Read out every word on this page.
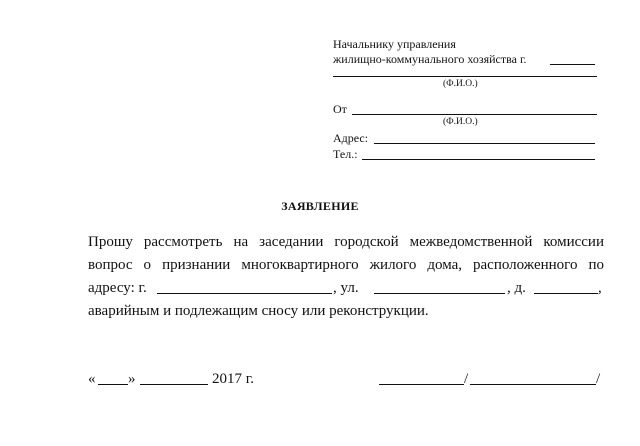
Начальнику управления
жилищно-коммунального хозяйства г.
(Ф.И.О.)
От
(Ф.И.О.)
Адрес:
Тел.:
ЗАЯВЛЕНИЕ
Прошу рассмотреть на заседании городской межведомственной комиссии
вопрос о признании многоквартирного жилого дома, расположенного по
адресу: г.	, ул.	, д.	,
аварийным и подлежащим сносу или реконструкции.
« »	2017 г.	/	/
